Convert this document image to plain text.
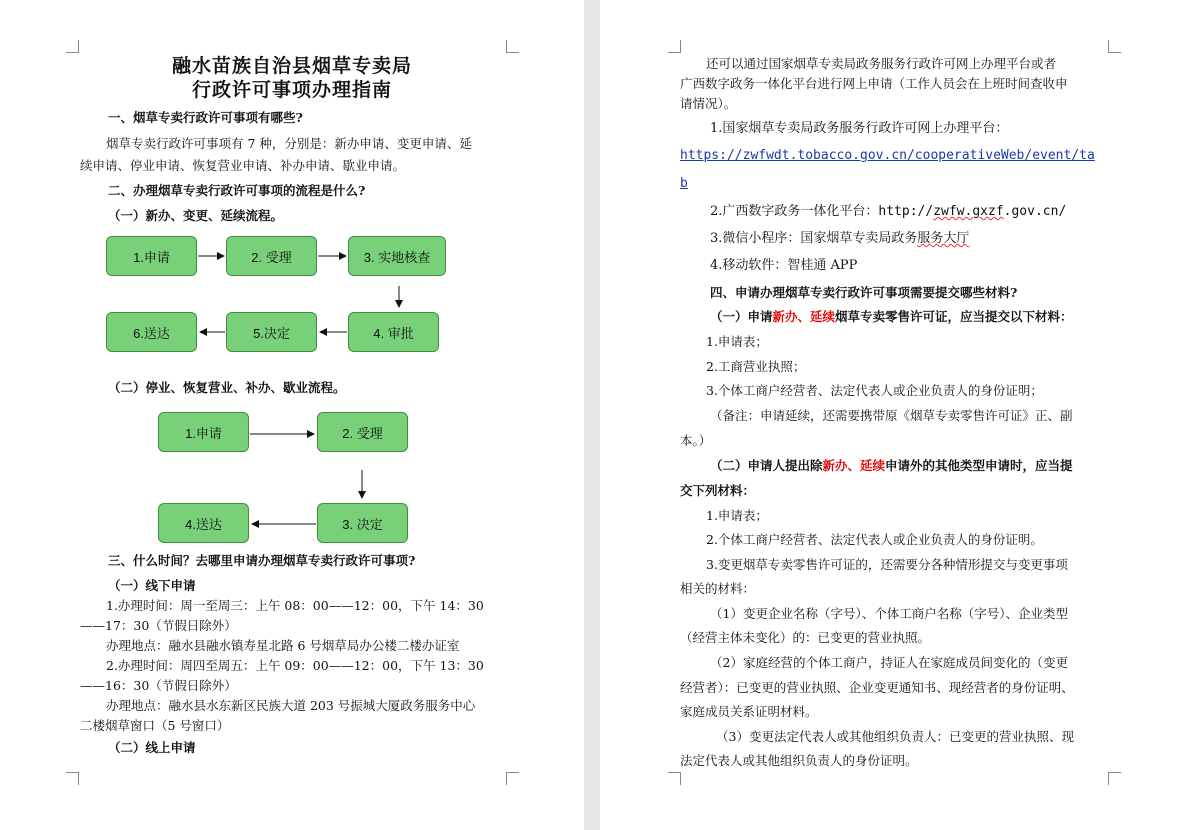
融水苗族自治县烟草专卖局
行政许可事项办理指南
一、烟草专卖行政许可事项有哪些?
烟草专卖行政许可事项有 7 种，分别是：新办申请、变更申请、延
续申请、停业申请、恢复营业申请、补办申请、歇业申请。
二、办理烟草专卖行政许可事项的流程是什么?
（一）新办、变更、延续流程。
1.申请	2. 受理	3. 实地核查
4. 审批
5.决定
6.送达
（二）停业、恢复营业、补办、歇业流程。
1.申请	2. 受理
3. 决定
4.送达
三、什么时间？去哪里申请办理烟草专卖行政许可事项?
（一）线下申请
1.办理时间：周一至周三：上午 08：00——12：00，下午 14：30
——17：30（节假日除外）
办理地点：融水县融水镇寿星北路 6 号烟草局办公楼二楼办证室
2.办理时间：周四至周五：上午 09：00——12：00，下午 13：30
——16：30（节假日除外）
办理地点：融水县水东新区民族大道 203 号振城大厦政务服务中心
二楼烟草窗口（5 号窗口）
（二）线上申请
还可以通过国家烟草专卖局政务服务行政许可网上办理平台或者
广西数字政务一体化平台进行网上申请（工作人员会在上班时间查收申
请情况）。
1.国家烟草专卖局政务服务行政许可网上办理平台：
https://zwfwdt.tobacco.gov.cn/cooperativeWeb/event/ta
b
2.广西数字政务一体化平台：http://zwfw.gxzf.gov.cn/
3.微信小程序：国家烟草专卖局政务服务大厅
4.移动软件：智桂通 APP
四、申请办理烟草专卖行政许可事项需要提交哪些材料?
（一）申请新办、延续烟草专卖零售许可证，应当提交以下材料：
1.申请表；
2.工商营业执照；
3.个体工商户经营者、法定代表人或企业负责人的身份证明；
（备注：申请延续，还需要携带原《烟草专卖零售许可证》正、副
本。）
（二）申请人提出除新办、延续申请外的其他类型申请时，应当提
交下列材料：
1.申请表；
2.个体工商户经营者、法定代表人或企业负责人的身份证明。
3.变更烟草专卖零售许可证的，还需要分各种情形提交与变更事项
相关的材料：
（1）变更企业名称（字号）、个体工商户名称（字号）、企业类型
（经营主体未变化）的：已变更的营业执照。
（2）家庭经营的个体工商户，持证人在家庭成员间变化的（变更
经营者）：已变更的营业执照、企业变更通知书、现经营者的身份证明、
家庭成员关系证明材料。
（3）变更法定代表人或其他组织负责人：已变更的营业执照、现
法定代表人或其他组织负责人的身份证明。
